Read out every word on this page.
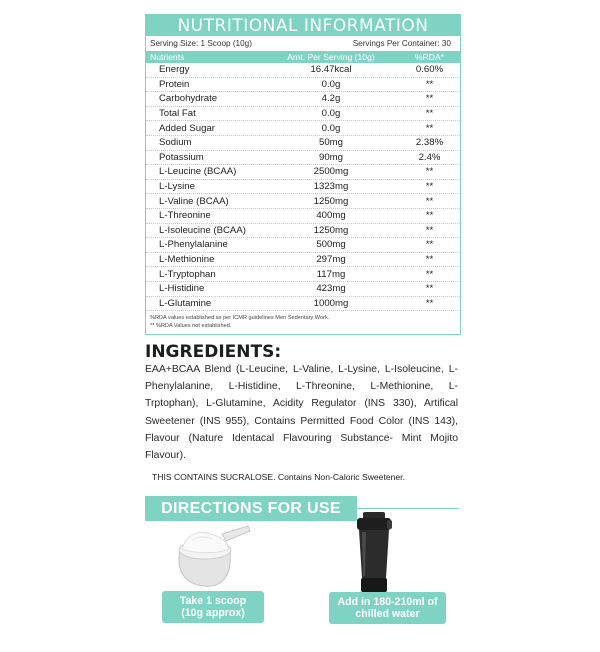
NUTRITIONAL INFORMATION
Serving Size: 1 Scoop (10g)	Servings Per Container: 30
Nutrients	Amt. Per Serving (10g)	%RDA*
Energy	16.47kcal	0.60%
Protein	0.0g	**
Carbohydrate	4.2g	**
Total Fat	0.0g	**
Added Sugar	0.0g	**
Sodium	50mg	2.38%
Potassium	90mg	2.4%
L-Leucine (BCAA)	2500mg	**
L-Lysine	1323mg	**
L-Valine (BCAA)	1250mg	**
L-Threonine	400mg	**
L-Isoleucine (BCAA)	1250mg	**
L-Phenylalanine	500mg	**
L-Methionine	297mg	**
L-Tryptophan	117mg	**
L-Histidine	423mg	**
L-Glutamine	1000mg	**
%RDA values established as per ICMR guidelines Men Sedentary Work.
** %RDA Values not established.
INGREDIENTS:
EAA+BCAA Blend (L-Leucine, L-Valine, L-Lysine, L-Isoleucine, L-Phenylalanine, L-Histidine, L-Threonine, L-Methionine, L-Trptophan), L-Glutamine, Acidity Regulator (INS 330), Artifical Sweetener (INS 955), Contains Permitted Food Color (INS 143), Flavour (Nature Identacal Flavouring Substance- Mint Mojito Flavour).
THIS CONTAINS SUCRALOSE. Contains Non-Caloric Sweetener.
DIRECTIONS FOR USE
Take 1 scoop (10g approx)
Add in 180-210ml of chilled water
